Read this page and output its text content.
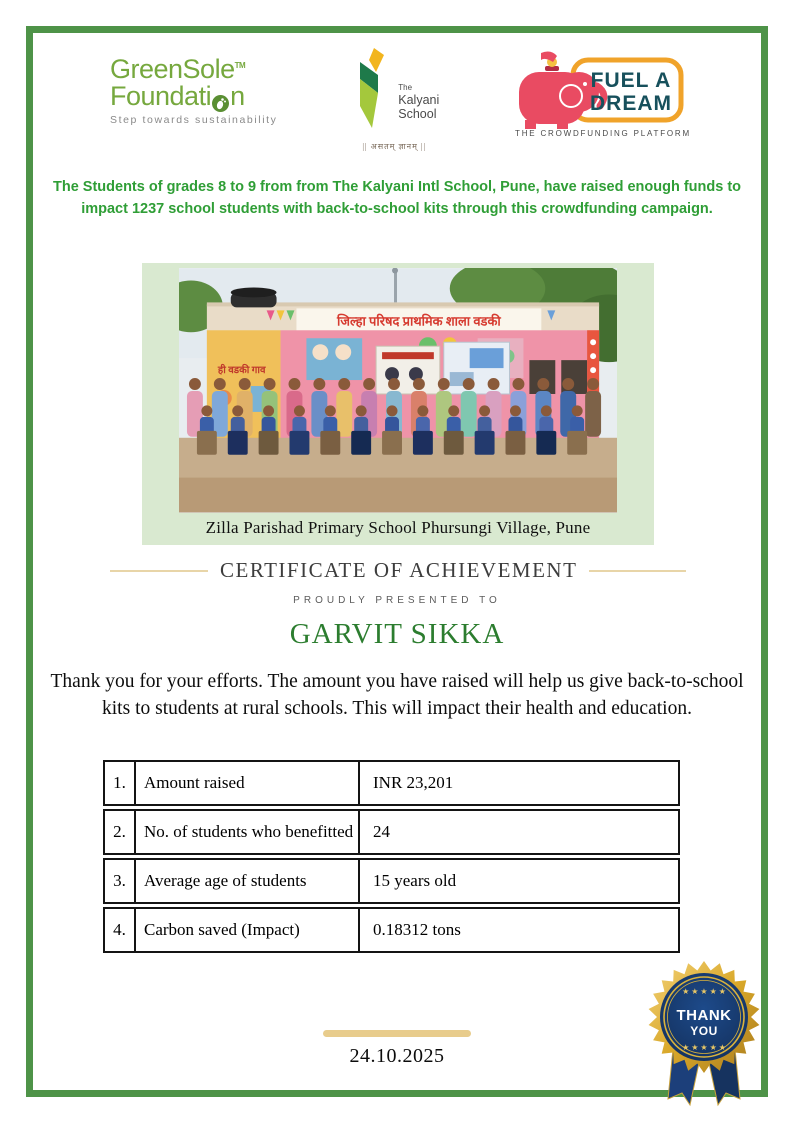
GreenSole™
Foundati n
Step towards sustainability
The
Kalyani
School
|| असतम् ज्ञानम् ||
FUEL A
DREAM
THE CROWDFUNDING PLATFORM
The Students of grades 8 to 9 from from The Kalyani Intl School, Pune, have raised enough funds to impact 1237 school students with back-to-school kits through this crowdfunding campaign.
जिल्हा परिषद प्राथमिक शाला वडकी
ही वडकी गाव
Zilla Parishad Primary School Phursungi Village, Pune
CERTIFICATE OF ACHIEVEMENT
PROUDLY PRESENTED TO
GARVIT SIKKA
Thank you for your efforts. The amount you have raised will help us give back-to-school kits to students at rural schools. This will impact their health and education.
1.	Amount raised	INR 23,201
2.	No. of students who benefitted	24
3.	Average age of students	15 years old
4.	Carbon saved (Impact)	0.18312 tons
24.10.2025
★ ★ ★ ★ ★
THANK
YOU
★ ★ ★ ★ ★
